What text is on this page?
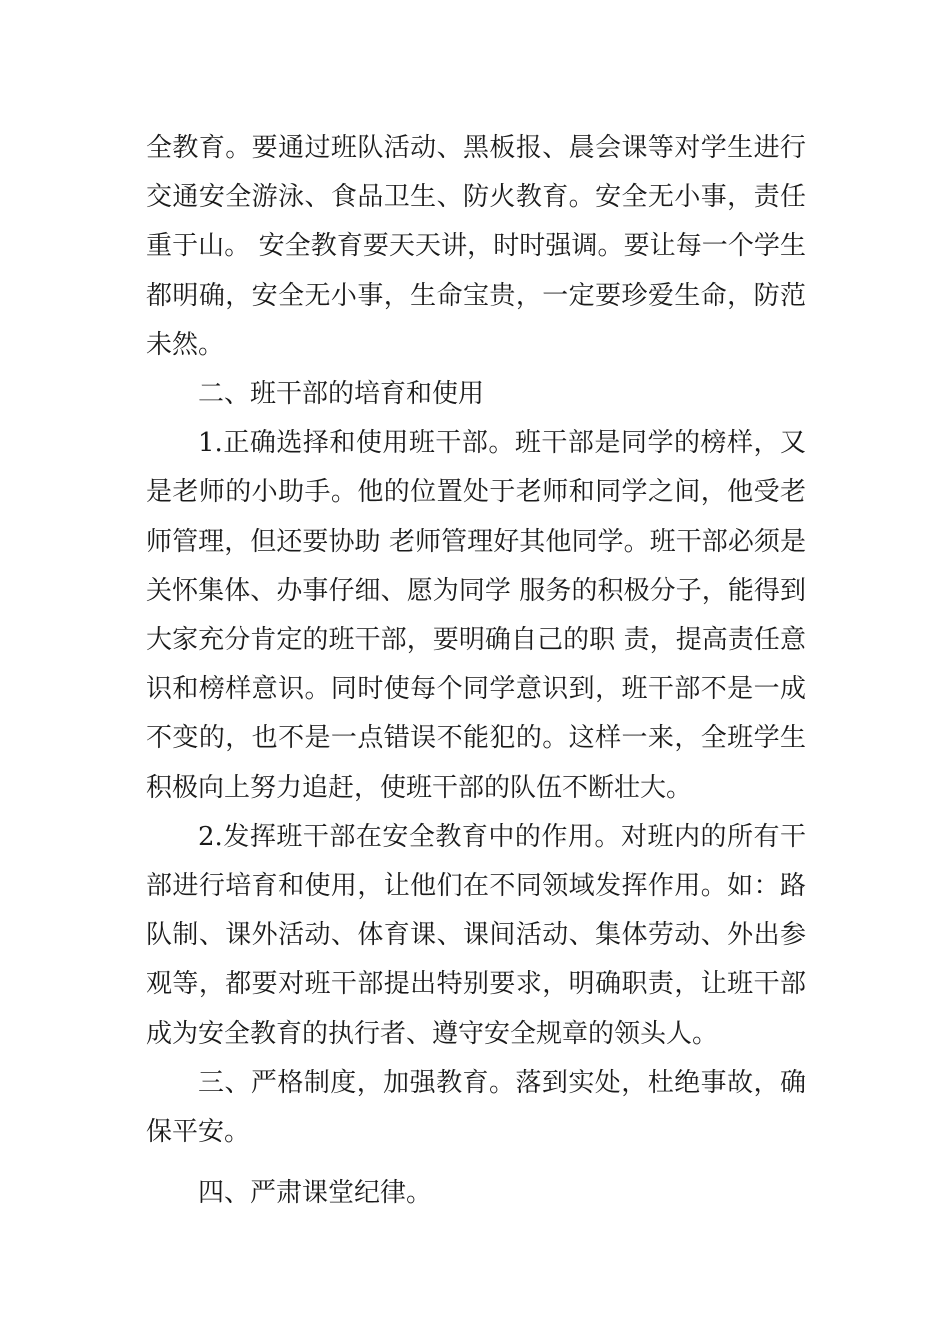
全教育。要通过班队活动、黑板报、晨会课等对学生进行交通安全游泳、食品卫生、防火教育。安全无小事，责任重于山。 安全教育要天天讲，时时强调。要让每一个学生都明确，安全无小事，生命宝贵，一定要珍爱生命，防范未然。

二、班干部的培育和使用

1.正确选择和使用班干部。班干部是同学的榜样，又是老师的小助手。他的位置处于老师和同学之间，他受老师管理，但还要协助 老师管理好其他同学。班干部必须是关怀集体、办事仔细、愿为同学 服务的积极分子，能得到大家充分肯定的班干部，要明确自己的职 责，提高责任意识和榜样意识。同时使每个同学意识到，班干部不是一成不变的，也不是一点错误不能犯的。这样一来，全班学生积极向上努力追赶，使班干部的队伍不断壮大。

2.发挥班干部在安全教育中的作用。对班内的所有干部进行培育和使用，让他们在不同领域发挥作用。如：路队制、课外活动、体育课、课间活动、集体劳动、外出参观等，都要对班干部提出特别要求，明确职责，让班干部成为安全教育的执行者、遵守安全规章的领头人。

三、严格制度，加强教育。落到实处，杜绝事故，确保平安。

四、严肃课堂纪律。
